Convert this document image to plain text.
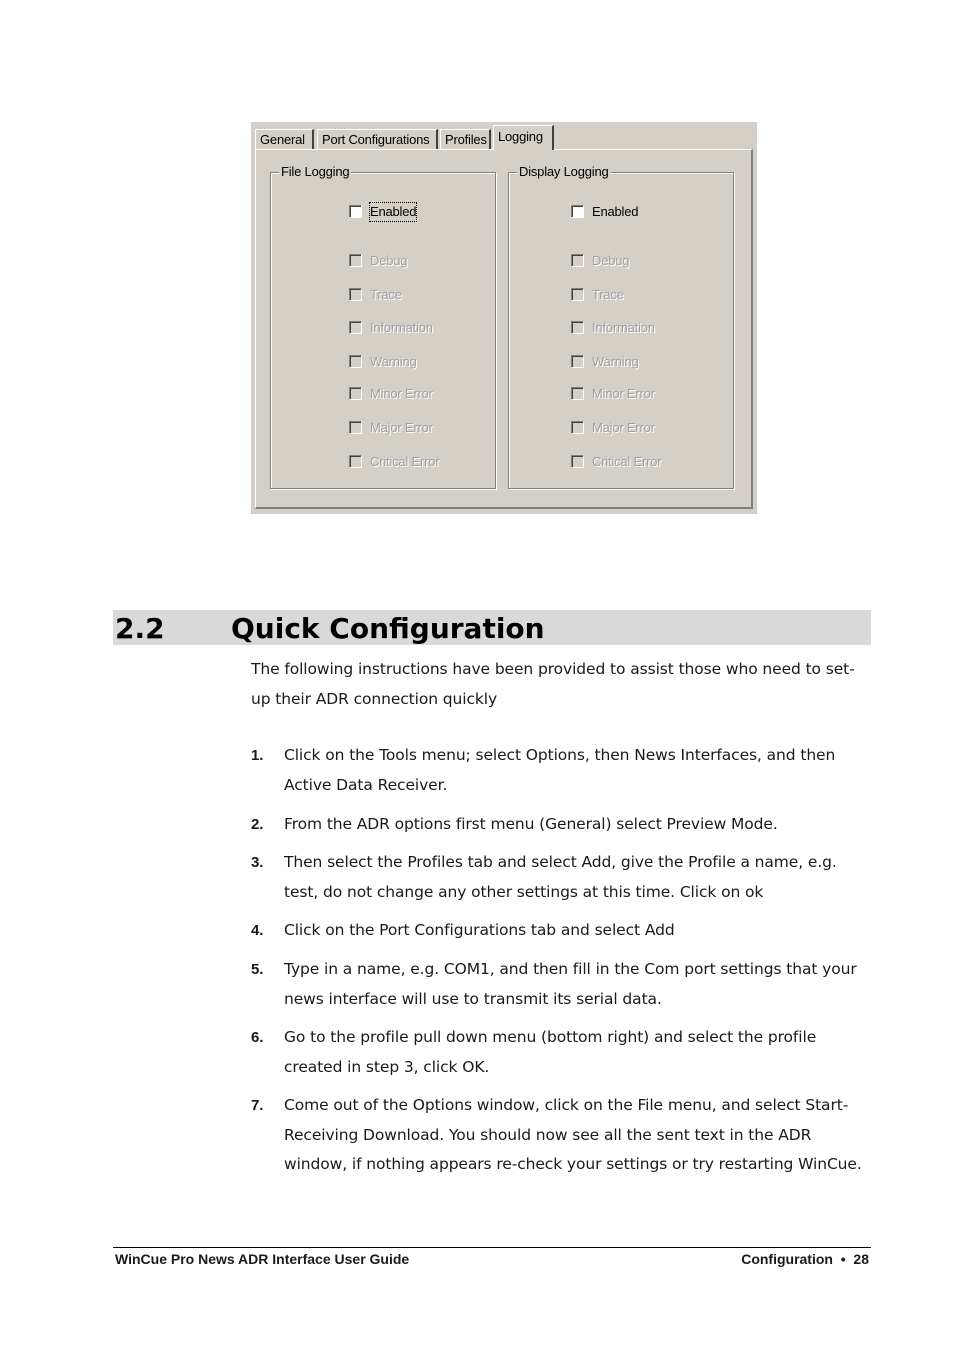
General	Port Configurations	Profiles Logging
File Logging
Enabled
Debug
Trace
Information
Warning
Minor Error
Major Error
Critical Error
Display Logging
Enabled
Debug
Trace
Information
Warning
Minor Error
Major Error
Critical Error
2.2 Quick Configuration
The following instructions have been provided to assist those who need to set-up their ADR connection quickly
1. Click on the Tools menu; select Options, then News Interfaces, and then Active Data Receiver.
2. From the ADR options first menu (General) select Preview Mode.
3. Then select the Profiles tab and select Add, give the Profile a name, e.g. test, do not change any other settings at this time. Click on ok
4. Click on the Port Configurations tab and select Add
5. Type in a name, e.g. COM1, and then fill in the Com port settings that your news interface will use to transmit its serial data.
6. Go to the profile pull down menu (bottom right) and select the profile created in step 3, click OK.
7. Come out of the Options window, click on the File menu, and select Start-Receiving Download. You should now see all the sent text in the ADR window, if nothing appears re-check your settings or try restarting WinCue.
WinCue Pro News ADR Interface User Guide	Configuration  •  28
